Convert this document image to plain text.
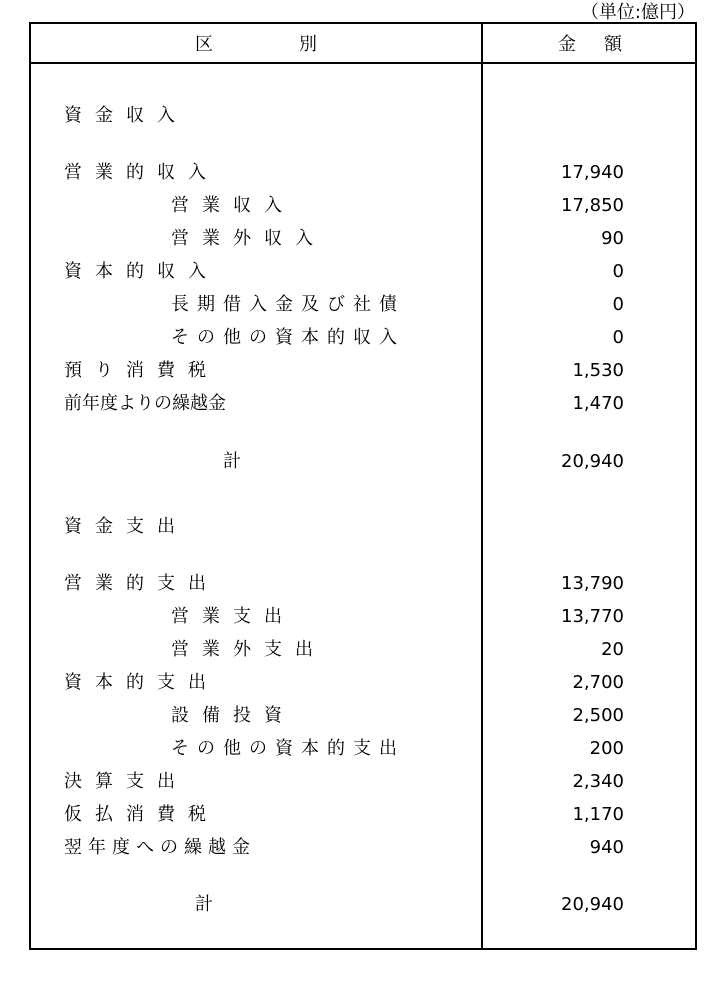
（単位:億円）
区別	金額
資金収入
営業的収入	17,940
営業収入	17,850
営業外収入	90
資本的収入	0
長期借入金及び社債	0
その他の資本的収入	0
預り消費税	1,530
前年度よりの繰越金	1,470
計	20,940
資金支出
営業的支出	13,790
営業支出	13,770
営業外支出	20
資本的支出	2,700
設備投資	2,500
その他の資本的支出	200
決算支出	2,340
仮払消費税	1,170
翌年度への繰越金	940
計	20,940
